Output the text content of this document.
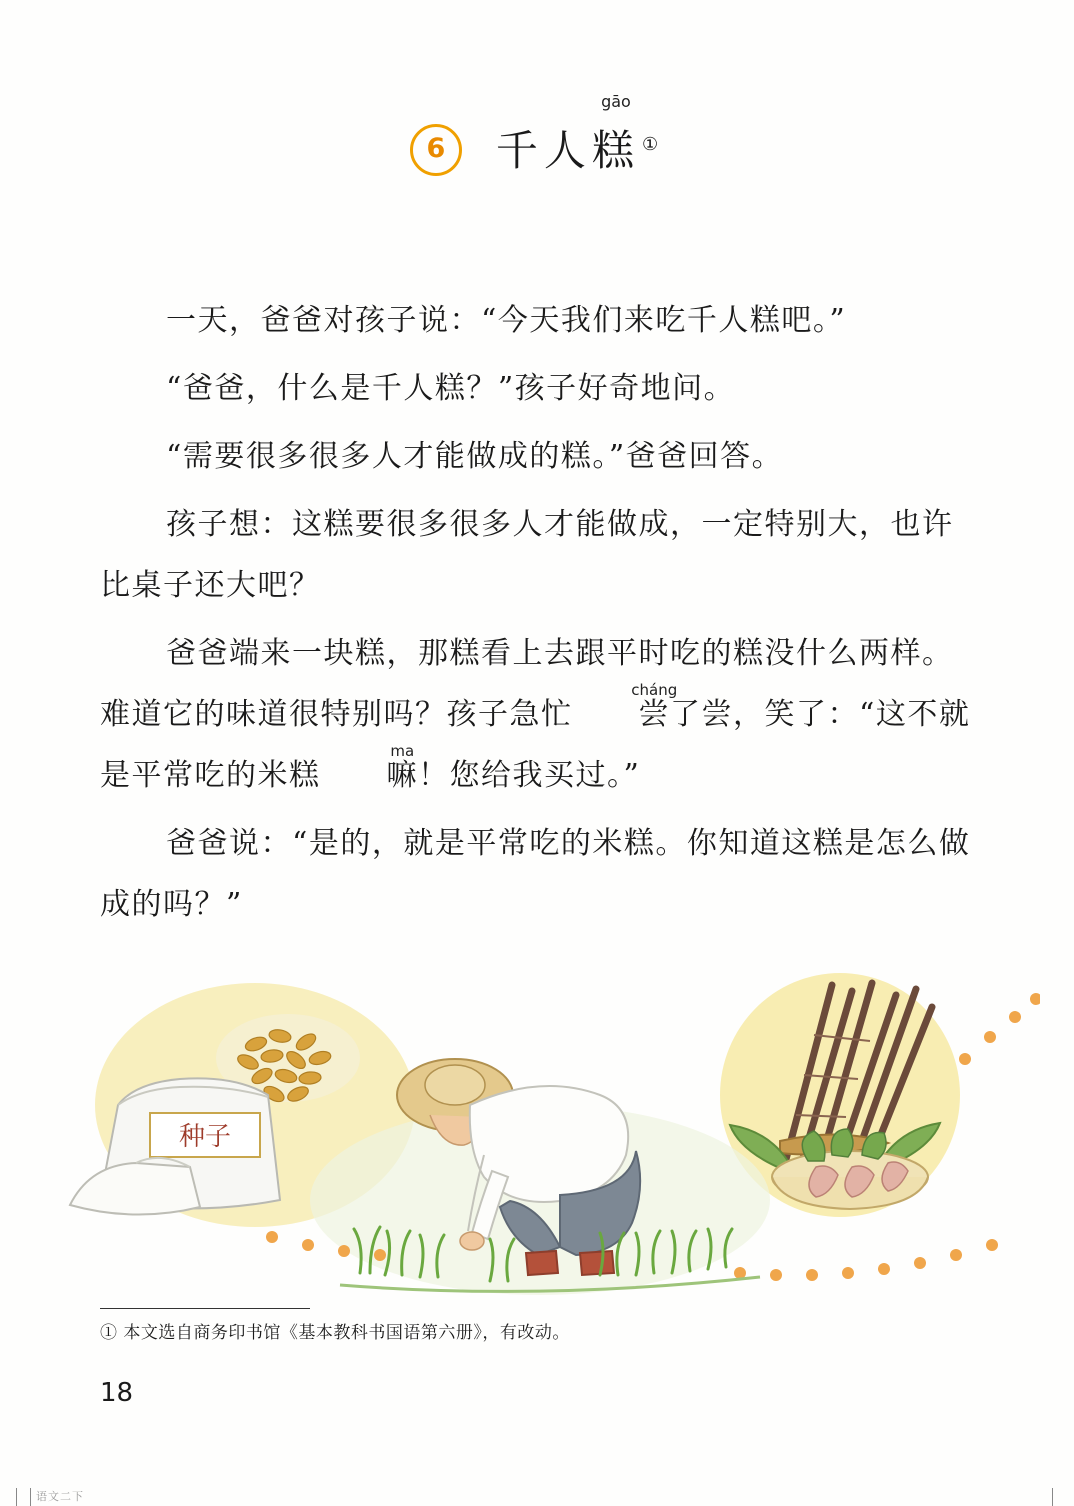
6	千人
gāo
糕 ①

一天，爸爸对孩子说：“今天我们来吃千人糕吧。”

“爸爸，什么是千人糕？”孩子好奇地问。

“需要很多很多人才能做成的糕。”爸爸回答。

孩子想：这糕要很多很多人才能做成，一定特别大，也许比桌子还大吧？

爸爸端来一块糕，那糕看上去跟平时吃的糕没什么两样。难道它的味道很特别吗？孩子急忙
cháng
尝了尝，笑了：“这不就是平常吃的米糕
ma
嘛！您给我买过。”

爸爸说：“是的，就是平常吃的米糕。你知道这糕是怎么做成的吗？”

种子
① 本文选自商务印书馆《基本教科书国语第六册》，有改动。
18
语文二下
